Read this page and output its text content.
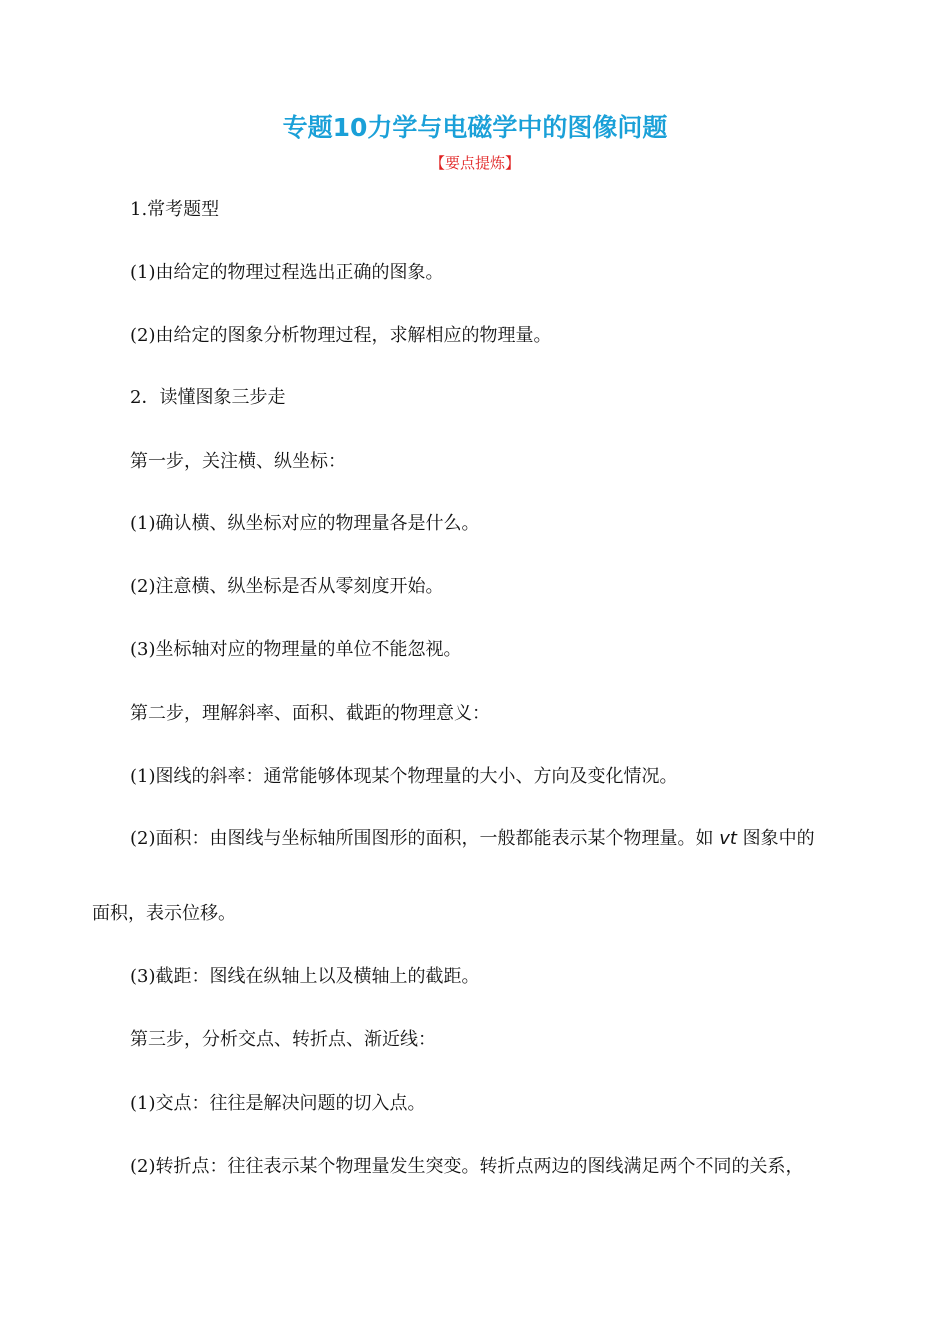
专题10力学与电磁学中的图像问题
【要点提炼】
1.常考题型
(1)由给定的物理过程选出正确的图象。
(2)由给定的图象分析物理过程，求解相应的物理量。
2．读懂图象三步走
第一步，关注横、纵坐标：
(1)确认横、纵坐标对应的物理量各是什么。
(2)注意横、纵坐标是否从零刻度开始。
(3)坐标轴对应的物理量的单位不能忽视。
第二步，理解斜率、面积、截距的物理意义：
(1)图线的斜率：通常能够体现某个物理量的大小、方向及变化情况。
(2)面积：由图线与坐标轴所围图形的面积，一般都能表示某个物理量。如 vt 图象中的
面积，表示位移。
(3)截距：图线在纵轴上以及横轴上的截距。
第三步，分析交点、转折点、渐近线：
(1)交点：往往是解决问题的切入点。
(2)转折点：往往表示某个物理量发生突变。转折点两边的图线满足两个不同的关系，
